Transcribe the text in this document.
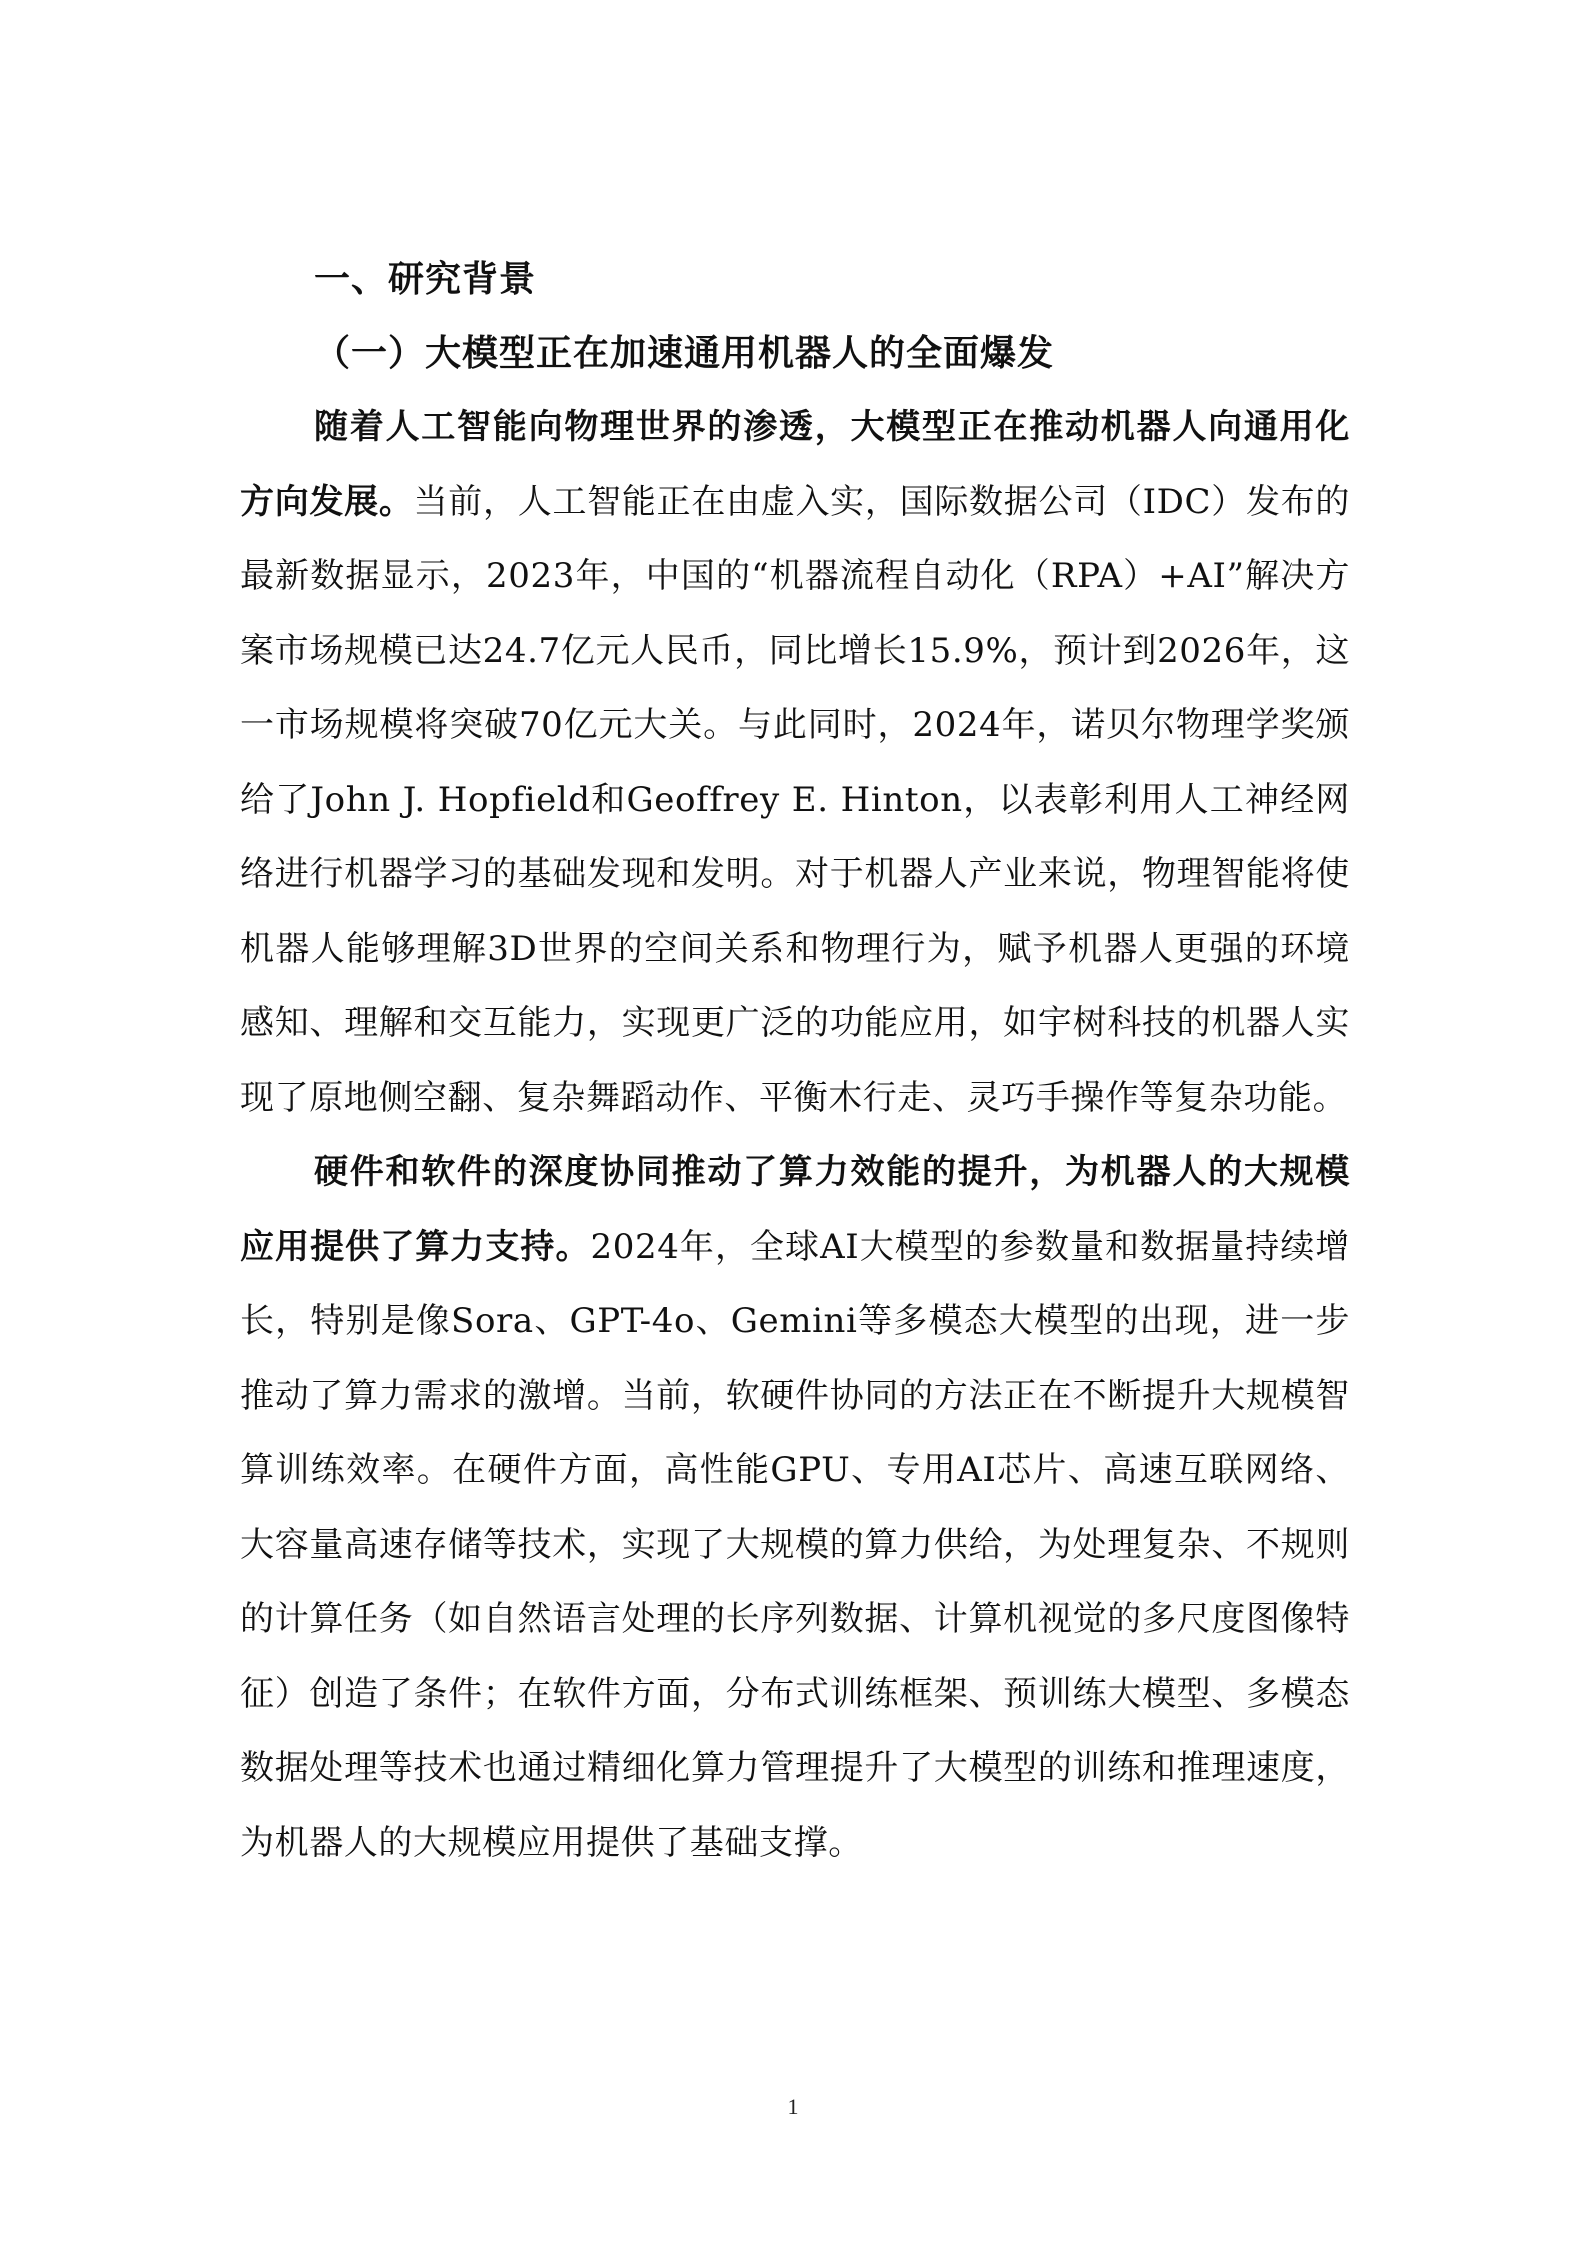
一、研究背景
（一）大模型正在加速通用机器人的全面爆发

随着人工智能向物理世界的渗透，大模型正在推动机器人向通用化方向发展。当前，人工智能正在由虚入实，国际数据公司（IDC）发布的最新数据显示，2023年，中国的“机器流程自动化（RPA）+AI”解决方案市场规模已达24.7亿元人民币，同比增长15.9%，预计到2026年，这一市场规模将突破70亿元大关。与此同时，2024年，诺贝尔物理学奖颁给了John J. Hopfield和Geoffrey E. Hinton，以表彰利用人工神经网络进行机器学习的基础发现和发明。对于机器人产业来说，物理智能将使机器人能够理解3D世界的空间关系和物理行为，赋予机器人更强的环境感知、理解和交互能力，实现更广泛的功能应用，如宇树科技的机器人实现了原地侧空翻、复杂舞蹈动作、平衡木行走、灵巧手操作等复杂功能。

硬件和软件的深度协同推动了算力效能的提升，为机器人的大规模应用提供了算力支持。2024年，全球AI大模型的参数量和数据量持续增长，特别是像Sora、GPT-4o、Gemini等多模态大模型的出现，进一步推动了算力需求的激增。当前，软硬件协同的方法正在不断提升大规模智算训练效率。在硬件方面，高性能GPU、专用AI芯片、高速互联网络、大容量高速存储等技术，实现了大规模的算力供给，为处理复杂、不规则的计算任务（如自然语言处理的长序列数据、计算机视觉的多尺度图像特征）创造了条件；在软件方面，分布式训练框架、预训练大模型、多模态数据处理等技术也通过精细化算力管理提升了大模型的训练和推理速度，为机器人的大规模应用提供了基础支撑。

1
